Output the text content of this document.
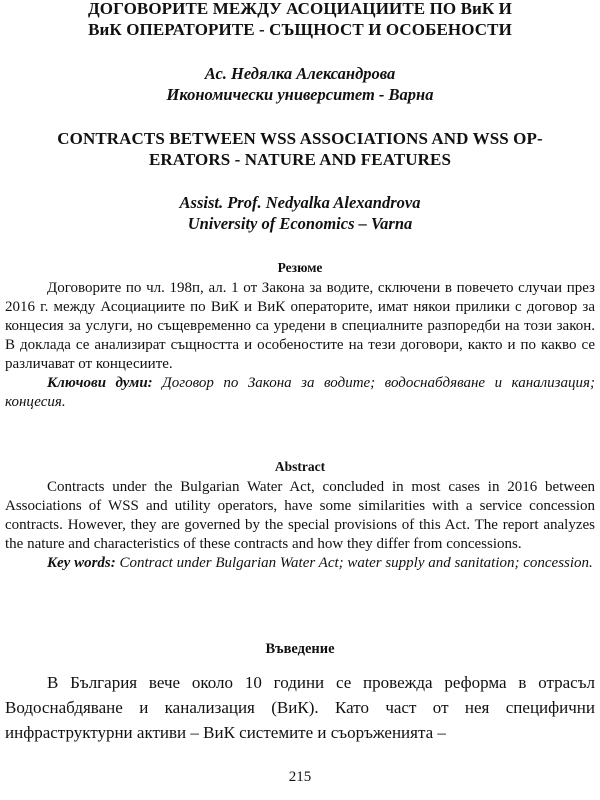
ДОГОВОРИТЕ МЕЖДУ АСОЦИАЦИИТЕ ПО ВиК И
ВиК ОПЕРАТОРИТЕ - СЪЩНОСТ И ОСОБЕНОСТИ
Ас. Недялка Александрова
Икономически университет - Варна
CONTRACTS BETWEEN WSS ASSOCIATIONS AND WSS OP-
ERATORS - NATURE AND FEATURES
Assist. Prof. Nedyalka Alexandrova
University of Economics – Varna
Резюме

Договорите по чл. 198п, ал. 1 от Закона за водите, сключени в повечето случаи през 2016 г. между Асоциациите по ВиК и ВиК операторите, имат някои прилики с договор за концесия за услуги, но същевременно са уредени в специалните разпоредби на този закон. В доклада се анализират същността и особеностите на тези договори, както и по какво се различават от концесиите.

Ключови думи: Договор по Закона за водите; водоснабдяване и канализация; концесия.

Abstract

Contracts under the Bulgarian Water Act, concluded in most cases in 2016 between Associations of WSS and utility operators, have some similarities with a service concession contracts. However, they are governed by the special provisions of this Act. The report analyzes the nature and characteristics of these contracts and how they differ from concessions.

Key words: Contract under Bulgarian Water Act; water supply and sanitation; concession.

Въведение

В България вече около 10 години се провежда реформа в отрасъл Водоснабдяване и канализация (ВиК). Като част от нея специфични инфраструктурни активи – ВиК системите и съоръженията –

215
